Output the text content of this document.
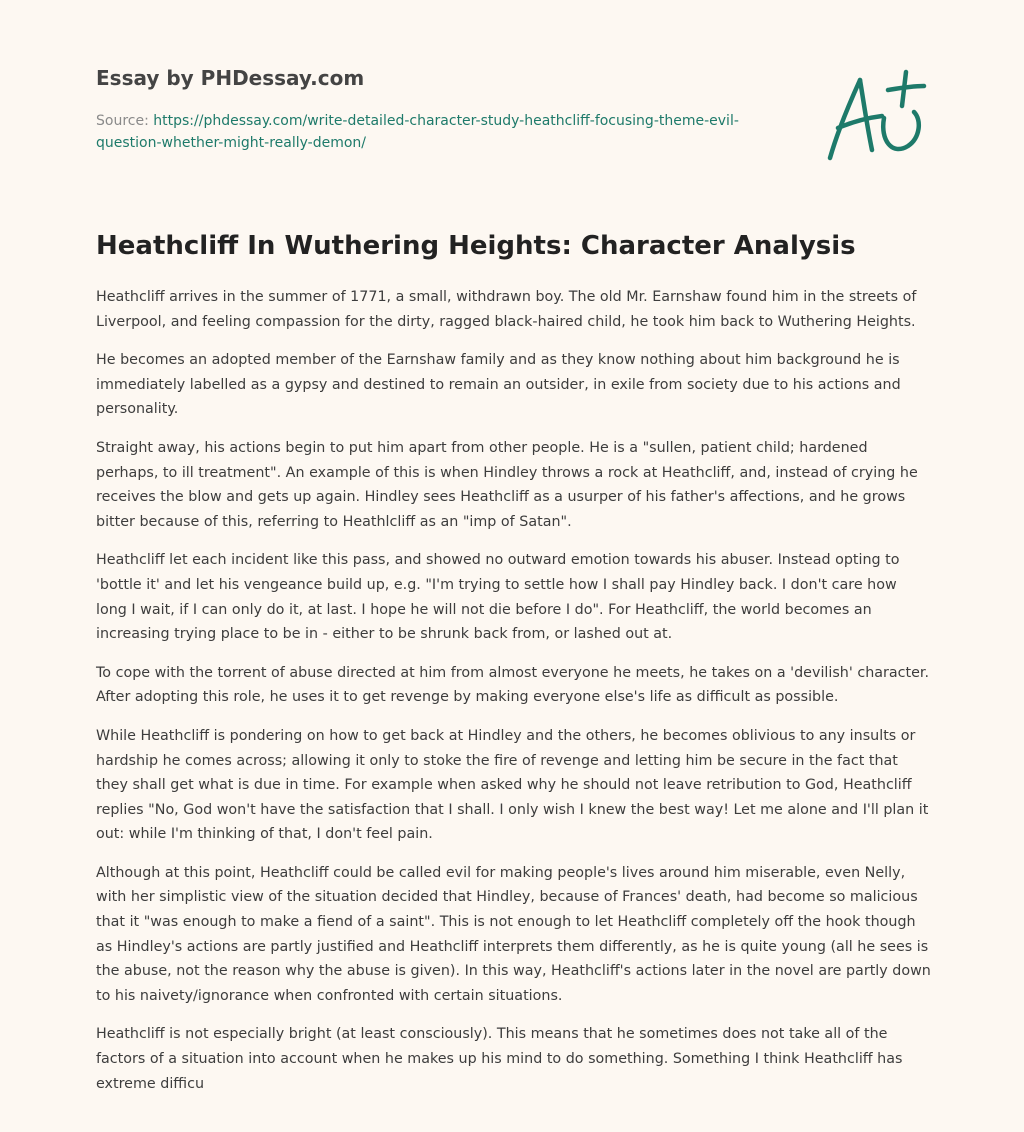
Essay by PHDessay.com
Source: https://phdessay.com/write-detailed-character-study-heathcliff-focusing-theme-evil-question-whether-might-really-demon/
Heathcliff In Wuthering Heights: Character Analysis

Heathcliff arrives in the summer of 1771, a small, withdrawn boy. The old Mr. Earnshaw found him in the streets of Liverpool, and feeling compassion for the dirty, ragged black-haired child, he took him back to Wuthering Heights.

He becomes an adopted member of the Earnshaw family and as they know nothing about him background he is immediately labelled as a gypsy and destined to remain an outsider, in exile from society due to his actions and personality.

Straight away, his actions begin to put him apart from other people. He is a "sullen, patient child; hardened perhaps, to ill treatment". An example of this is when Hindley throws a rock at Heathcliff, and, instead of crying he receives the blow and gets up again. Hindley sees Heathcliff as a usurper of his father's affections, and he grows bitter because of this, referring to Heathlcliff as an "imp of Satan".

Heathcliff let each incident like this pass, and showed no outward emotion towards his abuser. Instead opting to 'bottle it' and let his vengeance build up, e.g. "I'm trying to settle how I shall pay Hindley back. I don't care how long I wait, if I can only do it, at last. I hope he will not die before I do". For Heathcliff, the world becomes an increasing trying place to be in - either to be shrunk back from, or lashed out at.

To cope with the torrent of abuse directed at him from almost everyone he meets, he takes on a 'devilish' character. After adopting this role, he uses it to get revenge by making everyone else's life as difficult as possible.

While Heathcliff is pondering on how to get back at Hindley and the others, he becomes oblivious to any insults or hardship he comes across; allowing it only to stoke the fire of revenge and letting him be secure in the fact that they shall get what is due in time. For example when asked why he should not leave retribution to God, Heathcliff replies "No, God won't have the satisfaction that I shall. I only wish I knew the best way! Let me alone and I'll plan it out: while I'm thinking of that, I don't feel pain.

Although at this point, Heathcliff could be called evil for making people's lives around him miserable, even Nelly, with her simplistic view of the situation decided that Hindley, because of Frances' death, had become so malicious that it "was enough to make a fiend of a saint". This is not enough to let Heathcliff completely off the hook though as Hindley's actions are partly justified and Heathcliff interprets them differently, as he is quite young (all he sees is the abuse, not the reason why the abuse is given). In this way, Heathcliff's actions later in the novel are partly down to his naivety/ignorance when confronted with certain situations.

Heathcliff is not especially bright (at least consciously). This means that he sometimes does not take all of the factors of a situation into account when he makes up his mind to do something. Something I think Heathcliff has extreme difficu
